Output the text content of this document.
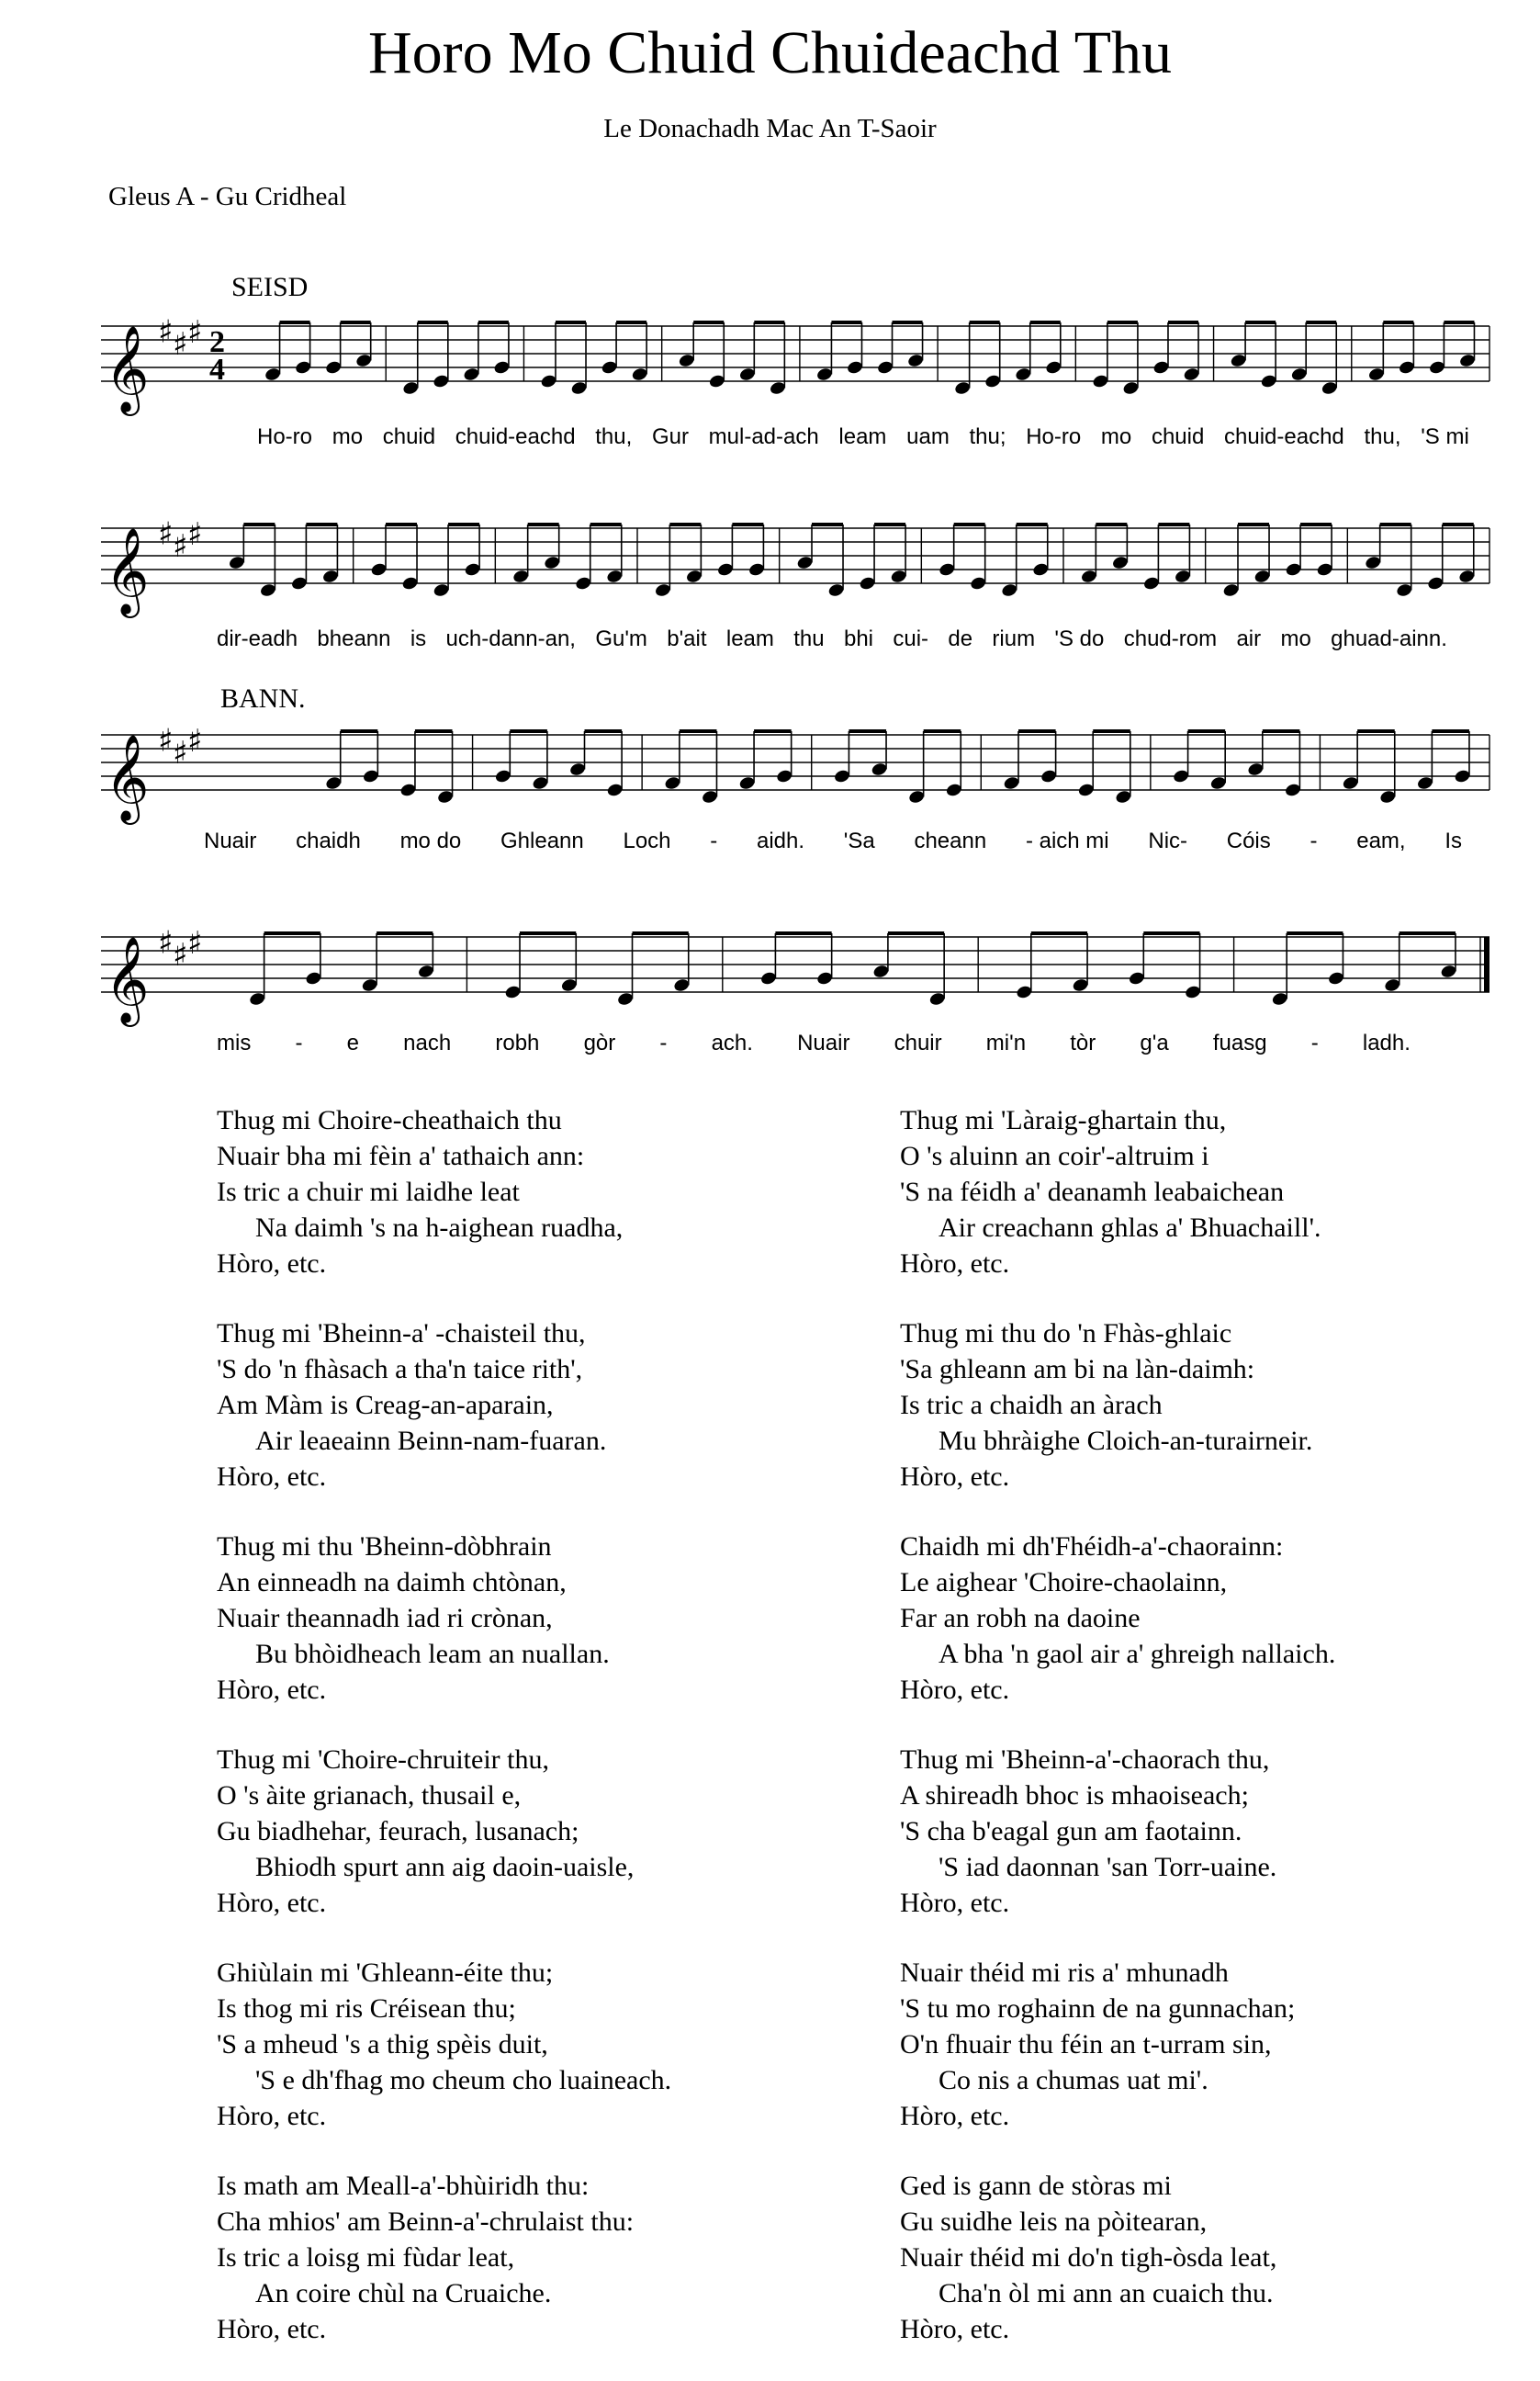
Horo Mo Chuid Chuideachd Thu
Le Donachadh Mac An T-Saoir
Gleus A - Gu Cridheal
SEISD
BANN.
𝄞 ♯ ♯ ♯ 2
4
Ho-ro mo chuid chuid-eachd thu, Gur mul-ad-ach leam uam thu; Ho-ro mo chuid chuid-eachd thu, 'S mi
𝄞 ♯ ♯ ♯
dir-eadh bheann is uch-dann-an, Gu'm b'ait leam thu bhi cui- de rium 'S do chud-rom air mo ghuad-ainn.
𝄞 ♯ ♯ ♯
Nuair chaidh mo do Ghleann Loch - aidh. 'Sa cheann - aich mi Nic- Cóis - eam, Is
𝄞 ♯ ♯ ♯
mis - e nach robh gòr - ach. Nuair chuir mi'n tòr g'a fuasg - ladh.
Thug mi Choire-cheathaich thu
Nuair bha mi fèin a' tathaich ann:
Is tric a chuir mi laidhe leat
Na daimh 's na h-aighean ruadha,
Hòro, etc.
Thug mi 'Bheinn-a' -chaisteil thu,
'S do 'n fhàsach a tha'n taice rith',
Am Màm is Creag-an-aparain,
Air leaeainn Beinn-nam-fuaran.
Hòro, etc.
Thug mi thu 'Bheinn-dòbhrain
An einneadh na daimh chtònan,
Nuair theannadh iad ri crònan,
Bu bhòidheach leam an nuallan.
Hòro, etc.
Thug mi 'Choire-chruiteir thu,
O 's àite grianach, thusail e,
Gu biadhehar, feurach, lusanach;
Bhiodh spurt ann aig daoin-uaisle,
Hòro, etc.
Ghiùlain mi 'Ghleann-éite thu;
Is thog mi ris Créisean thu;
'S a mheud 's a thig spèis duit,
'S e dh'fhag mo cheum cho luaineach.
Hòro, etc.
Is math am Meall-a'-bhùiridh thu:
Cha mhios' am Beinn-a'-chrulaist thu:
Is tric a loisg mi fùdar leat,
An coire chùl na Cruaiche.
Hòro, etc.
Thug mi 'Làraig-ghartain thu,
O 's aluinn an coir'-altruim i
'S na féidh a' deanamh leabaichean
Air creachann ghlas a' Bhuachaill'.
Hòro, etc.
Thug mi thu do 'n Fhàs-ghlaic
'Sa ghleann am bi na làn-daimh:
Is tric a chaidh an àrach
Mu bhràighe Cloich-an-turairneir.
Hòro, etc.
Chaidh mi dh'Fhéidh-a'-chaorainn:
Le aighear 'Choire-chaolainn,
Far an robh na daoine
A bha 'n gaol air a' ghreigh nallaich.
Hòro, etc.
Thug mi 'Bheinn-a'-chaorach thu,
A shireadh bhoc is mhaoiseach;
'S cha b'eagal gun am faotainn.
'S iad daonnan 'san Torr-uaine.
Hòro, etc.
Nuair théid mi ris a' mhunadh
'S tu mo roghainn de na gunnachan;
O'n fhuair thu féin an t-urram sin,
Co nis a chumas uat mi'.
Hòro, etc.
Ged is gann de stòras mi
Gu suidhe leis na pòitearan,
Nuair théid mi do'n tigh-òsda leat,
Cha'n òl mi ann an cuaich thu.
Hòro, etc.
